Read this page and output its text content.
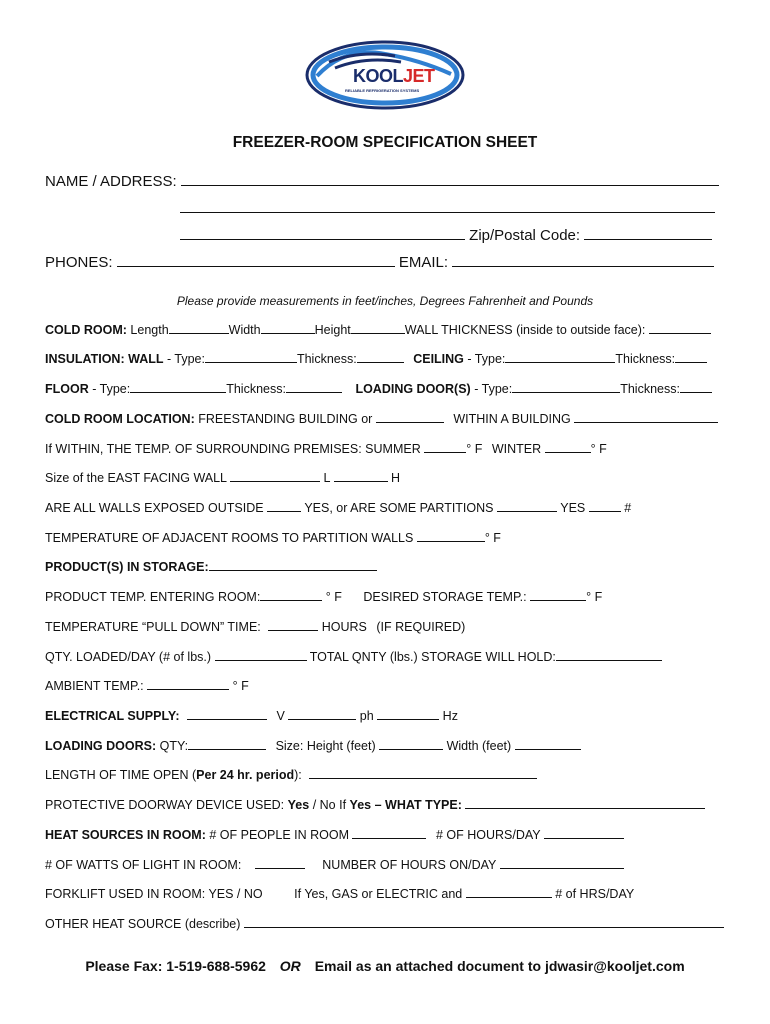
KOOLJET
RELIABLE REFRIGERATION SYSTEMS
FREEZER-ROOM SPECIFICATION SHEET
NAME / ADDRESS:
Zip/Postal Code:
PHONES:	EMAIL:
Please provide measurements in feet/inches, Degrees Fahrenheit and Pounds
COLD ROOM: Length	Width	Height	WALL THICKNESS (inside to outside face):
INSULATION: WALL - Type:	Thickness:	CEILING - Type:	Thickness:
FLOOR - Type:	Thickness:	LOADING DOOR(S) - Type:	Thickness:
COLD ROOM LOCATION: FREESTANDING BUILDING or	WITHIN A BUILDING
If WITHIN, THE TEMP. OF SURROUNDING PREMISES: SUMMER	° F WINTER	° F
Size of the EAST FACING WALL	L	H
ARE ALL WALLS EXPOSED OUTSIDE	YES, or ARE SOME PARTITIONS	YES	#
TEMPERATURE OF ADJACENT ROOMS TO PARTITION WALLS	° F
PRODUCT(S) IN STORAGE:
PRODUCT TEMP. ENTERING ROOM:	° F DESIRED STORAGE TEMP.:	° F
TEMPERATURE “PULL DOWN” TIME:	HOURS (IF REQUIRED)
QTY. LOADED/DAY (# of lbs.)	TOTAL QNTY (lbs.) STORAGE WILL HOLD:
AMBIENT TEMP.:	° F
ELECTRICAL SUPPLY:	V	ph	Hz
LOADING DOORS: QTY:	Size: Height (feet)	Width (feet)
LENGTH OF TIME OPEN (Per 24 hr. period):
PROTECTIVE DOORWAY DEVICE USED: Yes / No If Yes – WHAT TYPE:
HEAT SOURCES IN ROOM: # OF PEOPLE IN ROOM	# OF HOURS/DAY
# OF WATTS OF LIGHT IN ROOM:	NUMBER OF HOURS ON/DAY
FORKLIFT USED IN ROOM: YES / NO	If Yes, GAS or ELECTRIC and	# of HRS/DAY
OTHER HEAT SOURCE (describe)
Please Fax: 1-519-688-5962 OR Email as an attached document to jdwasir@kooljet.com
